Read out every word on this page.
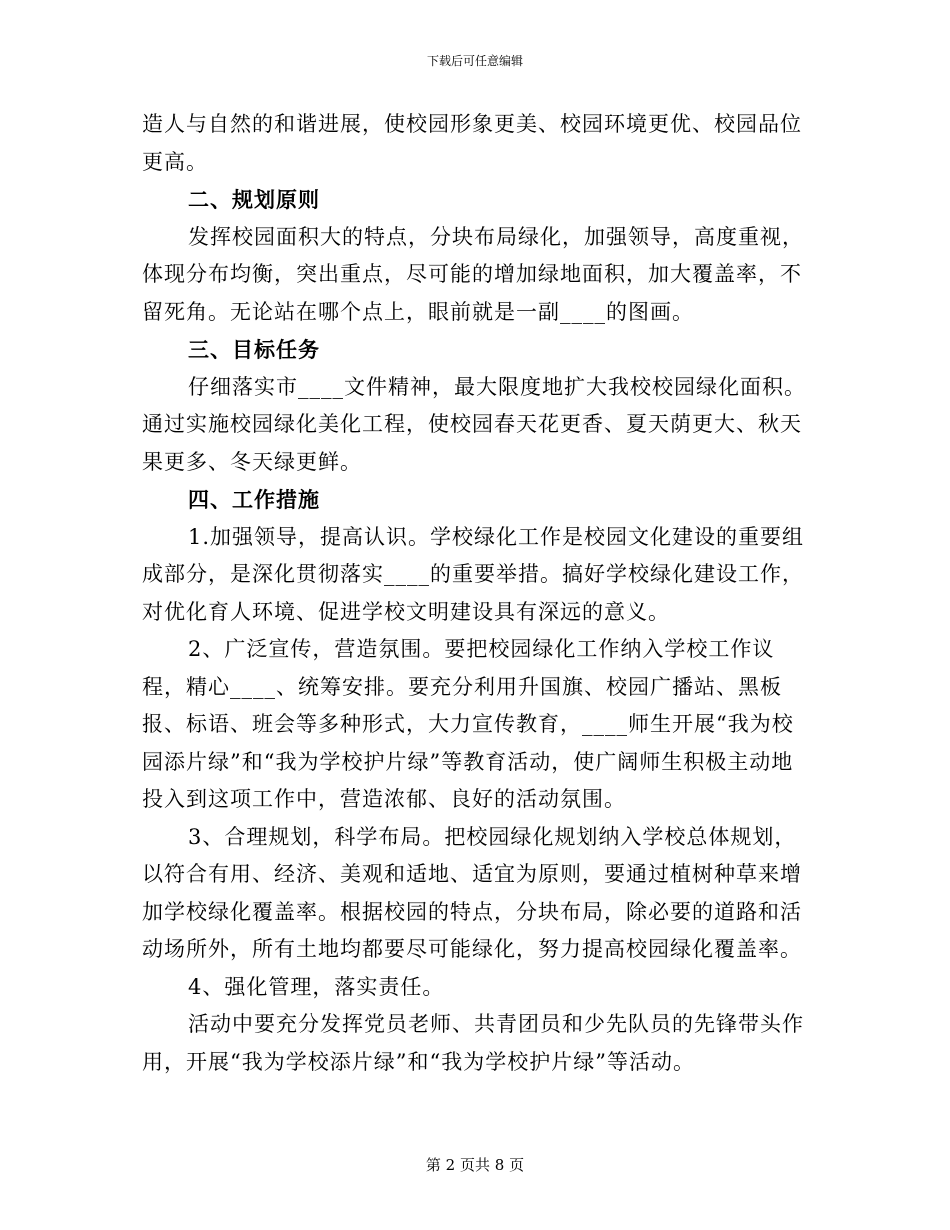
下载后可任意编辑

造人与自然的和谐进展，使校园形象更美、校园环境更优、校园品位更高。

二、规划原则

发挥校园面积大的特点，分块布局绿化，加强领导，高度重视，体现分布均衡，突出重点，尽可能的增加绿地面积，加大覆盖率，不留死角。无论站在哪个点上，眼前就是一副____的图画。

三、目标任务

仔细落实市____文件精神，最大限度地扩大我校校园绿化面积。通过实施校园绿化美化工程，使校园春天花更香、夏天荫更大、秋天果更多、冬天绿更鲜。

四、工作措施

1.加强领导，提高认识。学校绿化工作是校园文化建设的重要组成部分，是深化贯彻落实____的重要举措。搞好学校绿化建设工作，对优化育人环境、促进学校文明建设具有深远的意义。

2、广泛宣传，营造氛围。要把校园绿化工作纳入学校工作议程，精心____、统筹安排。要充分利用升国旗、校园广播站、黑板报、标语、班会等多种形式，大力宣传教育，____师生开展“我为校园添片绿”和“我为学校护片绿”等教育活动，使广阔师生积极主动地投入到这项工作中，营造浓郁、良好的活动氛围。

3、合理规划，科学布局。把校园绿化规划纳入学校总体规划，以符合有用、经济、美观和适地、适宜为原则，要通过植树种草来增加学校绿化覆盖率。根据校园的特点，分块布局，除必要的道路和活动场所外，所有土地均都要尽可能绿化，努力提高校园绿化覆盖率。

4、强化管理，落实责任。

活动中要充分发挥党员老师、共青团员和少先队员的先锋带头作用，开展“我为学校添片绿”和“我为学校护片绿”等活动。

第 2 页共 8 页
